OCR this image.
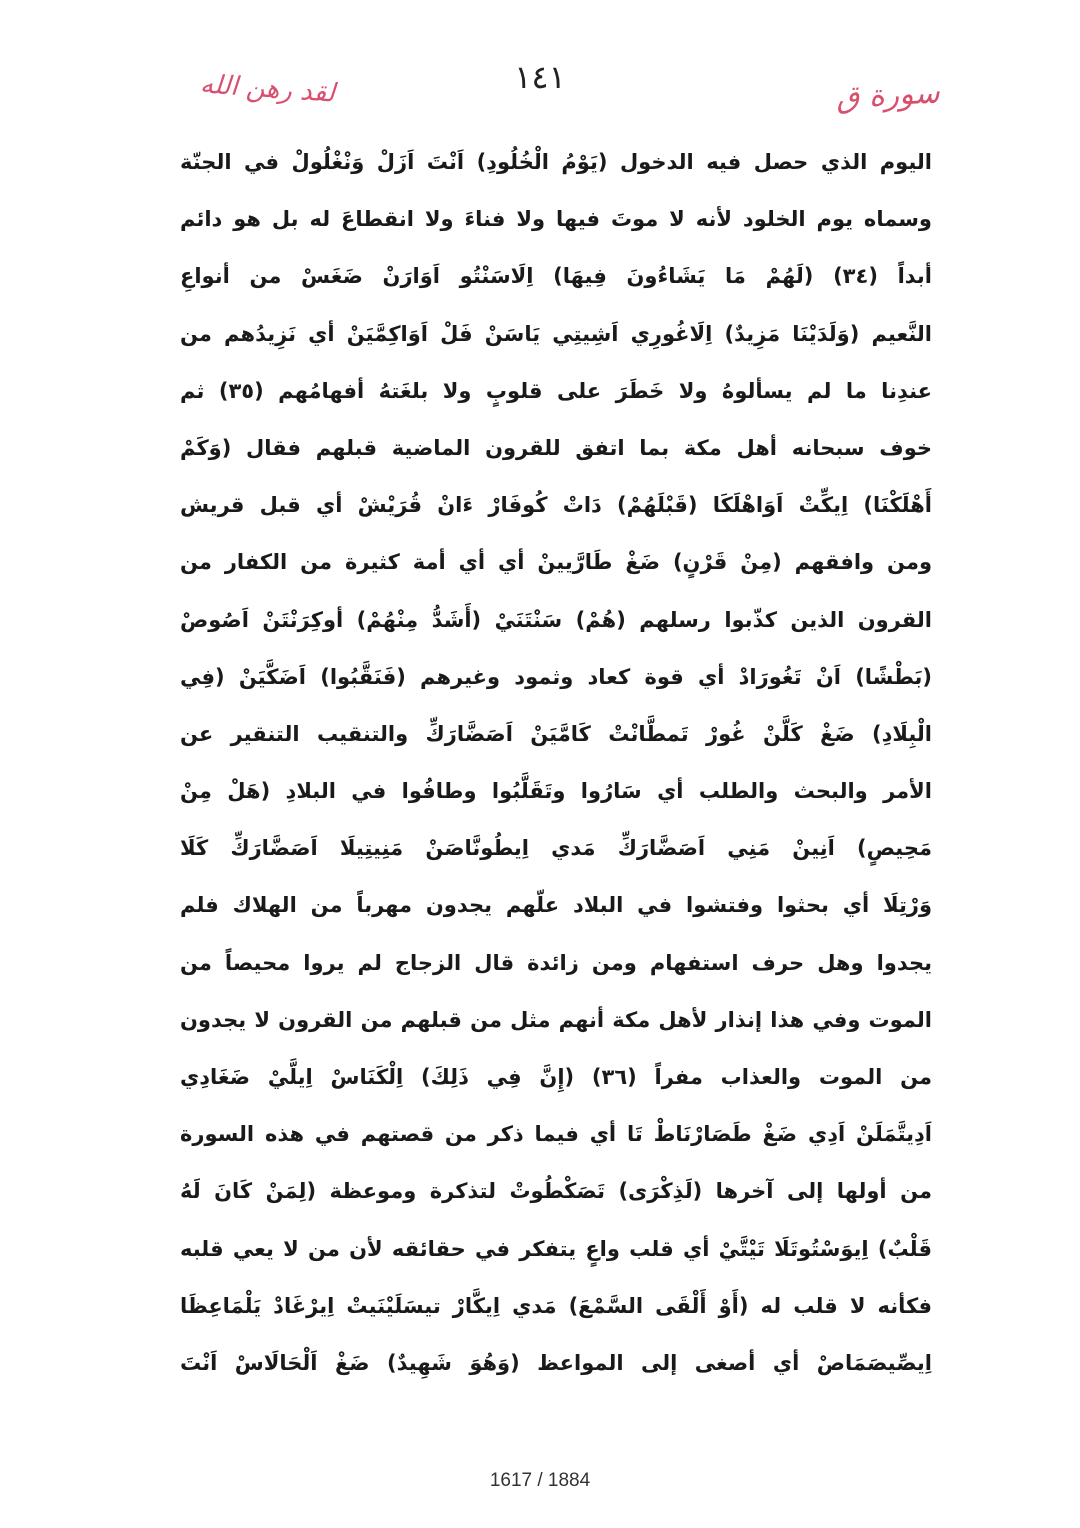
١٤١	سورة ق
لقد رهن الله
اليوم الذي حصل فيه الدخول (يَوْمُ الْخُلُودِ) اَنْتَ اَزَلْ وَنْغْلُولْ في الجنّة
وسماه يوم الخلود لأنه لا موتَ فيها ولا فناءَ ولا انقطاعَ له بل هو دائم
أبداً (٣٤) (لَهُمْ مَا يَشَاءُونَ فِيهَا) اِلَاسَنْتُو اَوَارَنْ ضَغَسْ من أنواعِ
النَّعيم (وَلَدَيْنَا مَزِيدٌ) اِلَاغُورِي اَشِيتِي يَاسَنْ فَلْ اَوَاكِمَّيَنْ أي نَزِيدُهم من
عندِنا ما لم يسألوهُ ولا خَطَرَ على قلوبٍ ولا بلغَتهُ أفهامُهم (٣٥) ثم
خوف سبحانه أهل مكة بما اتفق للقرون الماضية قبلهم فقال (وَكَمْ
أَهْلَكْنَا) اِيكِّتْ اَوَاهْلَكَا (قَبْلَهُمْ) دَاتْ كُوفَارْ ءَانْ قُرَيْشْ أي قبل قريش
ومن وافقهم (مِنْ قَرْنٍ) ضَغْ طَارَّيينْ أي أي أمة كثيرة من الكفار من
القرون الذين كذّبوا رسلهم (هُمْ) سَنْتَنَيْ (أَشَدُّ مِنْهُمْ) أوكِرَنْتَنْ اَصُوصْ
(بَطْشًا) اَنْ تَغُورَادْ أي قوة كعاد وثمود وغيرهم (فَنَقَّبُوا) اَضَكَّيَنْ (فِي
الْبِلَادِ) ضَغْ كَلَّنْ غُورْ تَمطَّانْتْ كَامَّيَنْ اَصَضَّارَكِّ والتنقيب التنقير عن
الأمر والبحث والطلب أي سَارُوا وتَقَلَّبُوا وطافُوا في البلادِ (هَلْ مِنْ
مَحِيصٍ) اَنِينْ مَنِي اَصَضَّارَكِّ مَدي اِيطُونَّاصَنْ مَنِيتِيلَا اَصَضَّارَكِّ كَلَا
وَرْتِلَا أي بحثوا وفتشوا في البلاد علّهم يجدون مهرباً من الهلاك فلم
يجدوا وهل حرف استفهام ومن زائدة قال الزجاج لم يروا محيصاً من
الموت وفي هذا إنذار لأهل مكة أنهم مثل من قبلهم من القرون لا يجدون
من الموت والعذاب مفراً (٣٦) (إِنَّ فِي ذَلِكَ) اِلْكَنَاسْ اِيلَّيْ ضَغَادِي
اَدِيتَّمَلَنْ اَدِي ضَغْ طَصَارْنَاطْ تَا أي فيما ذكر من قصتهم في هذه السورة
من أولها إلى آخرها (لَذِكْرَى) تَصَكْطُوتْ لتذكرة وموعظة (لِمَنْ كَانَ لَهُ
قَلْبٌ) اِيوَسْتُوتَلَا تَيْتَّيْ أي قلب واعٍ يتفكر في حقائقه لأن من لا يعي قلبه
فكأنه لا قلب له (أَوْ أَلْقَى السَّمْعَ) مَدي اِيكَّارْ تيسَلَيْنَيتْ اِيرْغَادْ يَلْمَاعِظَا
اِيصِّيصَمَاصْ أي أصغى إلى المواعظ (وَهُوَ شَهِيدٌ) ضَغْ اَلْحَالَاسْ اَنْتَ
1617 / 1884
